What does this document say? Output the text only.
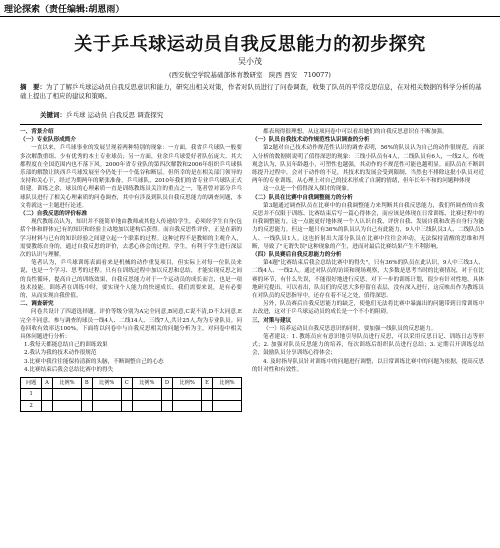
理论探索（责任编辑:胡恩雨）
关于乒乓球运动员自我反思能力的初步探究
吴小茂
(西安航空学院基础部体育教研室　陕西 西安　710077)
摘　要：为了了解乒乓球运动员自我反思意识和能力，研究出相关对策，作者对队员进行了问卷调查，收集了队员的平常反思信息，在对相关数据的科学分析的基础上提出了相应的建议和策略。
关键词：乒乓球 运动员 自我反思 调查探究

一、背景介绍

（一）专业队形成简介

一直以来，乒乓球事业的发展呈现着两种特别的现象：一方面，我省乒乓球队一般要多次解散重组、少有优秀的本土专业球员；另一方面，业余乒乓球爱好者队伍庞大、其大都程度在全国范围内也不落下风。2000年省专业队的第四次解散和2006年组织乒乓球俱乐部的解散让陕西乒乓球发展至今仍处于一个低谷和断层。但所幸的是在相关部门领导的支持和关心下，经过为期两年的紧张准备，乒乓球队、2010年我们的省专业乒乓球队正式组建。训练之余，球员的心理素质一直是训练教练员关注的重点之一，笔者曾对部分乒乓球队员进行了相关心理素质的问卷调查，其中有涉及到队员自我反思能力的调查问题，本文将就这一主题进行论述。

（二）自我反思的评价标准

现代教练员认为，知识并不能简单地由教师或其他人传递给学生，必须经学生自身(包括个体和群体)已有的知识和经验主动地加以建构后获得。而自我反思性评价，正是在新的学习材料与已有的知识经验之间建立起一个联系的过程。这种过程不是教师的主观介入，需要教练自身的，通过自我反思的评价，去悉心体会的过程。学生，有利于学生进行深层次的认识与理解。

笔者认为，乒乓球训练表面看来是机械的动作重复项目，但实际上对每一位队员来说，也是一个学习、思考的过程。只有在训练过程中加以反思和总结，才能实现反思之间的良性循环，提高自己的训练效果，自我反思能力对于一个运动员的成长而言，也是一项技术技能。训练者在训练中时，要实现个人能力的快速成长，我们需要来说，是有必要的，从而实现自我价值。

二、调查研究

问卷共设计了四道选择题。评价等级分别为A完全同意,B同意,C说不清,D不太同意,E完全不同意。参与调查的球员一线4人、二线14人、三线7人,共计25人,均为专业队员。问卷回收有效率达100%。下面将以问卷中与自我反思相关的问题分析为主，对问卷中相关具体问题进行分析：

1.我每天都能总结自己的训练效果

2.我认为我的技术动作很规范

3.比赛中我往往能保持清新的头脑，不断调整自己的心态

4.比赛结束后我会总结比赛中的得失

问题	A	比例%	B	比例%	C	比例%	D	比例%	E	比例%
1										
2										

都表现得很理想，从这项问卷中可以看出她们的自我反思意识在不断加强。

（一）队员自我技术动作规范性认识调查的分析

第2题对自己技术动作规范性认识的调查表明，56%的队员认为自己的动作很规范，而深入分析的数据则说明了值得深思的现象：三线小队员有4人，二线队员有6人，一线2人，传统观念认为，队员年龄越小，可塑性也越强，其动作的不规范性可能也越明显。而队员在不断训练提升过程中，会对于动作的不足，其技术的发展会受到限制，当然也不排除这批小队员对近两年的专业训练，从心理上对自己的技术形成了自满的情绪，但年长年不和的问题种体现

这一点是一个值得深入探讨的现象。

（二）队员在比赛中自我调整能力的分析

第3题通过调查队员在比赛中的自我调整能力来判断其自我反思能力，我们所调查的自我反思并不仅限于训练、比赛结束后写一篇心得体会，而应该是体现在日常训练、比赛过程中的自我调整能力，这一点能更好地体现一个人认识自我、评价自我、发展自我和改善自身行为能力的反思能力。但这一题只有36%的队员认为自己有此能力，9人中三线队员3人、二线队员5人、一线队员1人。这也折射出大部分队员在比赛中往往会冲动，无法保持清醒的思维和判断，导致了"无谓失误"这种现象的产生，进而对最后比赛结果产生不利影响。

（四）队员赛后自我反思能力的分析

第4题"比赛结束后我会总结比赛中的得失"，只有36%的队员在此认识，9人中三线3人、二线4人、一线2人。通过对队员的访谈和现场观察，大多数是思考当时的比赛情况，对于在比赛的环节，有什么失误，不能很好地进行反思，对下一步的训练计划，很少有针对性地，具体地研究提出。可以看出，队员们的反思大多停留在表层，没有深入进行，这反映出作为教练员在对队员的反思指导中，还存在着不足之处，值得深思。

另外，队员赛后自我反思能力的缺乏，使他们无法将比赛中暴露出的问题带到日常训练中去改进，这对于乒乓球运动员的成长是一个不小的阻碍。

三、对策与建议

（一）培养运动员自我反思意识的同时，要加强一线队员的反思能力。

笔者建议：1. 教练员应有意识地引导队员进行反思，可以采用反思日记、训练日志等形式；2. 加强对队员反思能力的培养，每次训练后组织队员进行总结；3. 定期召开训练总结会，鼓励队员分享训练心得体会；

4. 及时指导队员针对训练中的问题进行调整，以日常训练比赛中的问题为依据，提高反思的针对性和有效性。
